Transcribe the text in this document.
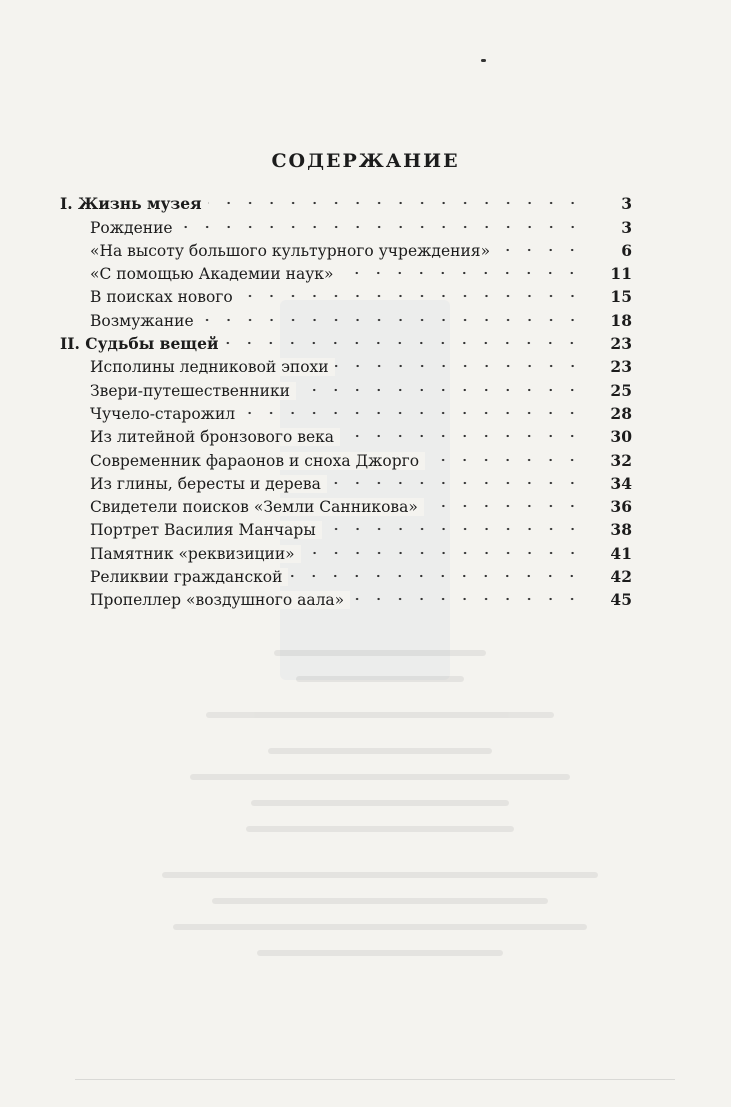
СОДЕРЖАНИЕ
I. Жизнь музея	3
Рождение	3
«На высоту большого культурного учреждения»	6
«С помощью Академии наук»	11
В поисках нового	15
Возмужание	18
II. Судьбы вещей	23
Исполины ледниковой эпохи	23
Звери-путешественники	25
Чучело-старожил	28
Из литейной бронзового века	30
Современник фараонов и сноха Джорго	32
Из глины, бересты и дерева	34
Свидетели поисков «Земли Санникова»	36
Портрет Василия Манчары	38
Памятник «реквизиции»	41
Реликвии гражданской	42
Пропеллер «воздушного аала»	45
